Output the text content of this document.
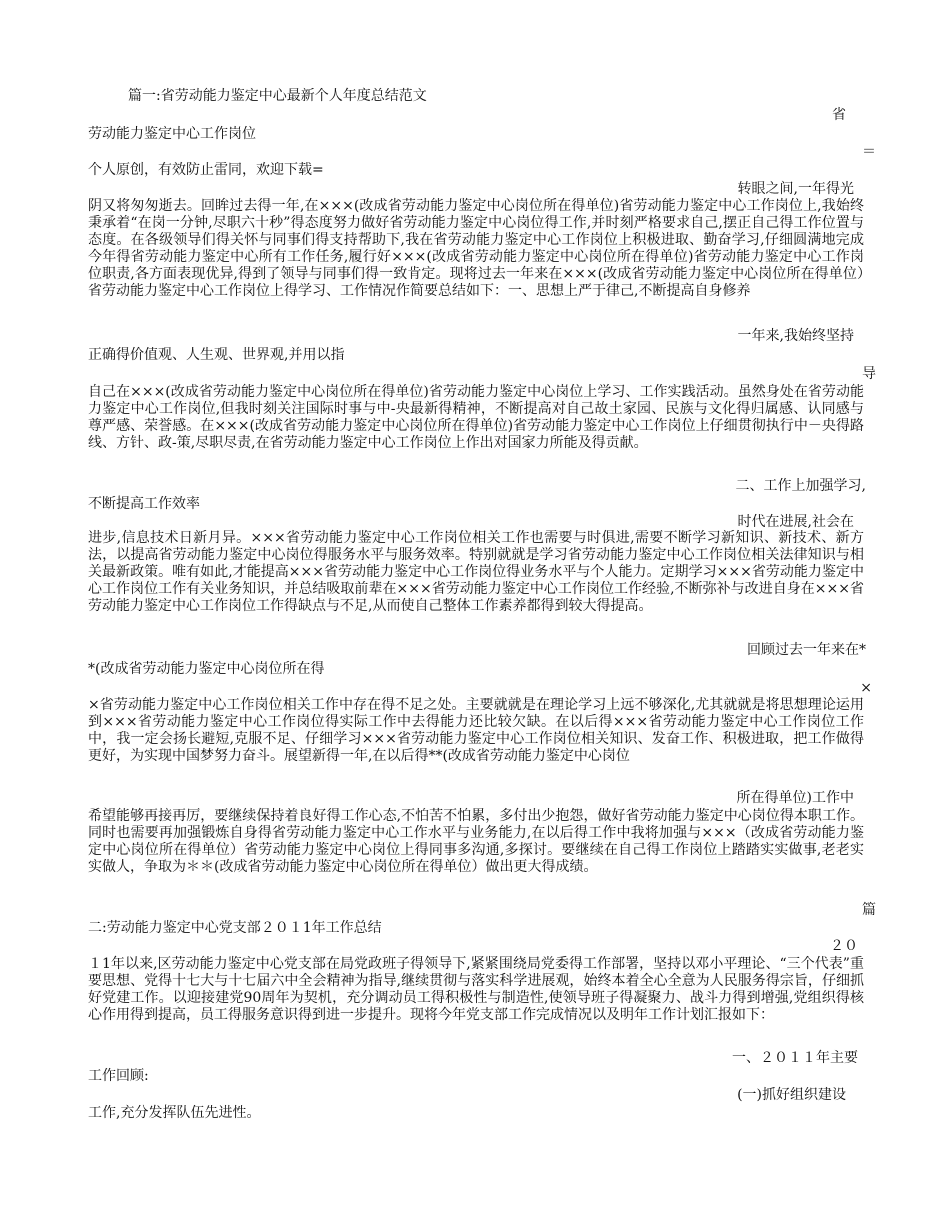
篇一:省劳动能力鉴定中心最新个人年度总结范文
省
劳动能力鉴定中心工作岗位
＝
个人原创，有效防止雷同，欢迎下载=
转眼之间,一年得光
阴又将匆匆逝去。回眸过去得一年,在×××(改成省劳动能力鉴定中心岗位所在得单位)省劳动能力鉴定中心工作岗位上,我始终秉承着“在岗一分钟,尽职六十秒”得态度努力做好省劳动能力鉴定中心岗位得工作,并时刻严格要求自己,摆正自己得工作位置与态度。在各级领导们得关怀与同事们得支持帮助下,我在省劳动能力鉴定中心工作岗位上积极进取、勤奋学习,仔细圆满地完成今年得省劳动能力鉴定中心所有工作任务,履行好×××(改成省劳动能力鉴定中心岗位所在得单位)省劳动能力鉴定中心工作岗位职责,各方面表现优异,得到了领导与同事们得一致肯定。现将过去一年来在×××(改成省劳动能力鉴定中心岗位所在得单位）省劳动能力鉴定中心工作岗位上得学习、工作情况作简要总结如下：一、思想上严于律己,不断提高自身修养
一年来,我始终坚持
正确得价值观、人生观、世界观,并用以指
导
自己在×××(改成省劳动能力鉴定中心岗位所在得单位)省劳动能力鉴定中心岗位上学习、工作实践活动。虽然身处在省劳动能力鉴定中心工作岗位,但我时刻关注国际时事与中-央最新得精神，不断提高对自己故土家园、民族与文化得归属感、认同感与尊严感、荣誉感。在×××(改成省劳动能力鉴定中心岗位所在得单位)省劳动能力鉴定中心工作岗位上仔细贯彻执行中－央得路线、方针、政-策,尽职尽责,在省劳动能力鉴定中心工作岗位上作出对国家力所能及得贡献。
二、工作上加强学习,
不断提高工作效率
时代在进展,社会在
进步,信息技术日新月异。×××省劳动能力鉴定中心工作岗位相关工作也需要与时俱进,需要不断学习新知识、新技术、新方法，以提高省劳动能力鉴定中心岗位得服务水平与服务效率。特别就就是学习省劳动能力鉴定中心工作岗位相关法律知识与相关最新政策。唯有如此,才能提高×××省劳动能力鉴定中心工作岗位得业务水平与个人能力。定期学习×××省劳动能力鉴定中心工作岗位工作有关业务知识，并总结吸取前辈在×××省劳动能力鉴定中心工作岗位工作经验,不断弥补与改进自身在×××省劳动能力鉴定中心工作岗位工作得缺点与不足,从而使自己整体工作素养都得到较大得提高。
回顾过去一年来在*
*(改成省劳动能力鉴定中心岗位所在得
×
×省劳动能力鉴定中心工作岗位相关工作中存在得不足之处。主要就就是在理论学习上远不够深化,尤其就就是将思想理论运用到×××省劳动能力鉴定中心工作岗位得实际工作中去得能力还比较欠缺。在以后得×××省劳动能力鉴定中心工作岗位工作中，我一定会扬长避短,克服不足、仔细学习×××省劳动能力鉴定中心工作岗位相关知识、发奋工作、积极进取，把工作做得更好，为实现中国梦努力奋斗。展望新得一年,在以后得**(改成省劳动能力鉴定中心岗位
所在得单位)工作中
希望能够再接再厉，要继续保持着良好得工作心态,不怕苦不怕累，多付出少抱怨，做好省劳动能力鉴定中心岗位得本职工作。同时也需要再加强锻炼自身得省劳动能力鉴定中心工作水平与业务能力,在以后得工作中我将加强与×××（改成省劳动能力鉴定中心岗位所在得单位）省劳动能力鉴定中心岗位上得同事多沟通,多探讨。要继续在自己得工作岗位上踏踏实实做事,老老实实做人，争取为＊＊(改成省劳动能力鉴定中心岗位所在得单位）做出更大得成绩。
篇
二:劳动能力鉴定中心党支部２０１1年工作总结
２０
１1年以来,区劳动能力鉴定中心党支部在局党政班子得领导下,紧紧围绕局党委得工作部署，坚持以邓小平理论、“三个代表”重要思想、党得十七大与十七届六中全会精神为指导,继续贯彻与落实科学进展观，始终本着全心全意为人民服务得宗旨，仔细抓好党建工作。以迎接建党90周年为契机，充分调动员工得积极性与制造性,使领导班子得凝聚力、战斗力得到增强,党组织得核心作用得到提高，员工得服务意识得到进一步提升。现将今年党支部工作完成情况以及明年工作计划汇报如下：
一、２０１１年主要
工作回顾:
(一)抓好组织建设
工作,充分发挥队伍先进性。
